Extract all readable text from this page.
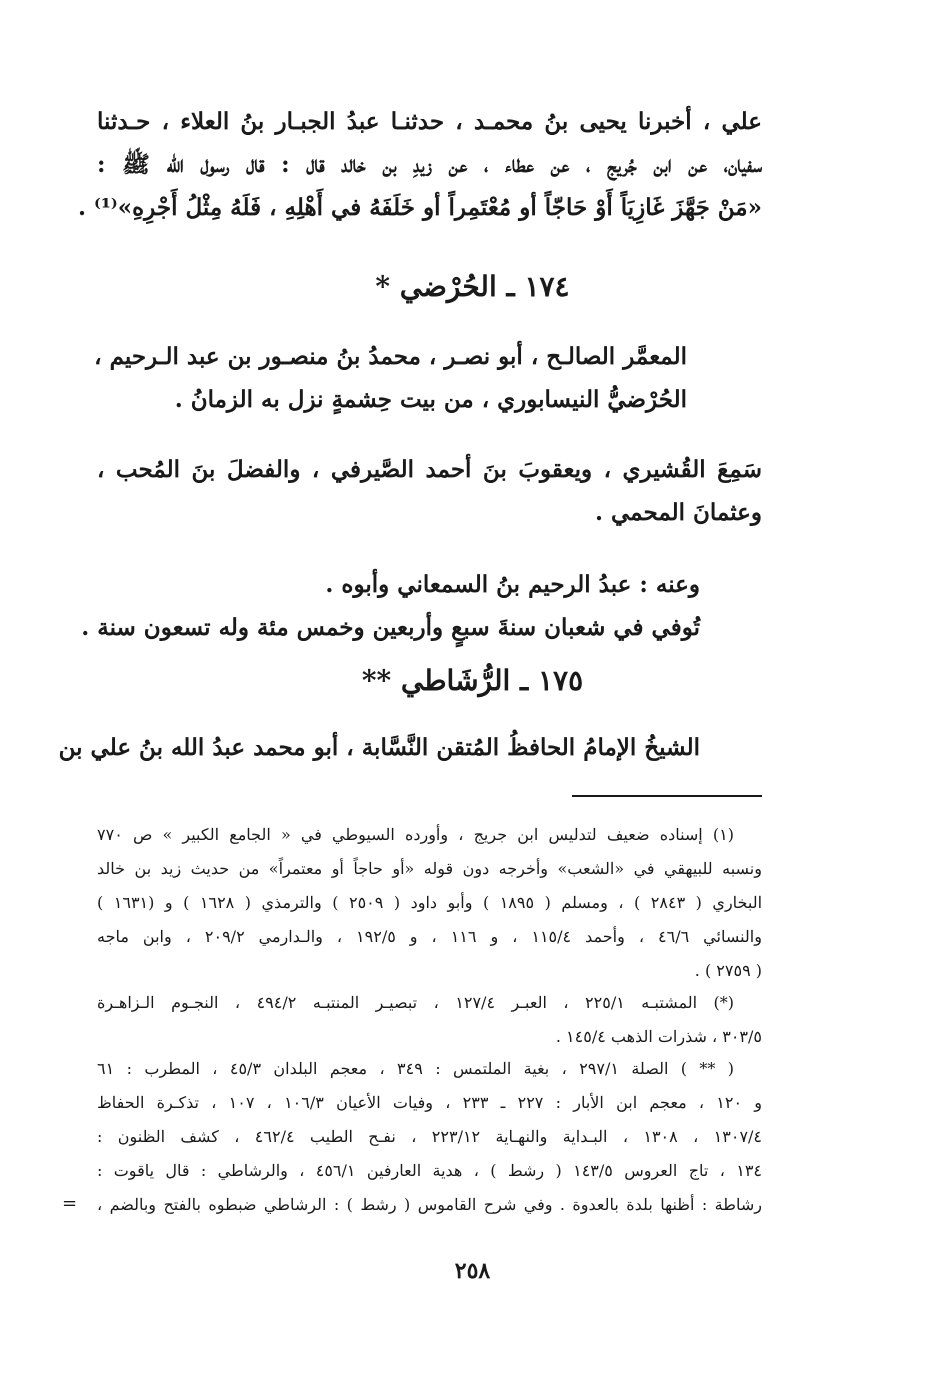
علي ، أخبرنا يحيى بنُ محمـد ، حدثنـا عبدُ الجبـار بنُ العلاء ، حـدثنا
سفيان، عن ابن جُريج ، عن عطاء ، عن زيدِ بن خالد قال : قال رسول الله ﷺ :
«مَنْ جَهَّزَ غَازِيَاً أَوْ حَاجّاً أو مُعْتَمِراً أو خَلَفَهُ في أَهْلِهِ ، فَلَهُ مِثْلُ أَجْرِهِ»⁽¹⁾ .
١٧٤ ـ الحُرْضي *
المعمَّر الصالـح ، أبو نصـر ، محمدُ بنُ منصـور بن عبد الـرحيم ،
الحُرْضيُّ النيسابوري ، من بيت حِشمةٍ نزل به الزمانُ .
سَمِعَ القُشيري ، ويعقوبَ بنَ أحمد الصَّيرفي ، والفضلَ بنَ المُحب ،
وعثمانَ المحمي .
وعنه : عبدُ الرحيم بنُ السمعاني وأبوه .
تُوفي في شعبان سنةَ سبعٍ وأربعين وخمس مئة وله تسعون سنة .
١٧٥ ـ الرُّشَاطي **
الشيخُ الإمامُ الحافظُ المُتقن النَّسَّابة ، أبو محمد عبدُ الله بنُ علي بن
(١) إسناده ضعيف لتدليس ابن جريج ، وأورده السيوطي في « الجامع الكبير » ص ٧٧٠
ونسبه للبيهقي في «الشعب» وأخرجه دون قوله «أو حاجاً أو معتمراً» من حديث زيد بن خالد
البخاري ( ٢٨٤٣ ) ، ومسلم ( ١٨٩٥ ) وأبو داود ( ٢٥٠٩ ) والترمذي ( ١٦٢٨ ) و (١٦٣١ )
والنسائي ٤٦/٦ ، وأحمد ١١٥/٤ ، و ١١٦ ، و ١٩٢/٥ ، والـدارمي ٢٠٩/٢ ، وابن ماجه
( ٢٧٥٩ ) .
(*) المشتبـه ٢٢٥/١ ، العبـر ١٢٧/٤ ، تبصيـر المنتبـه ٤٩٤/٢ ، النجـوم الـزاهـرة
٣٠٣/٥ ، شذرات الذهب ١٤٥/٤ .
( ** ) الصلة ٢٩٧/١ ، بغية الملتمس : ٣٤٩ ، معجم البلدان ٤٥/٣ ، المطرب : ٦١
و ١٢٠ ، معجم ابن الأبار : ٢٢٧ ـ ٢٣٣ ، وفيات الأعيان ١٠٦/٣ ، ١٠٧ ، تذكـرة الحفاظ
١٣٠٧/٤ ، ١٣٠٨ ، البـداية والنهـاية ٢٢٣/١٢ ، نفـح الطيب ٤٦٢/٤ ، كشف الظنون :
١٣٤ ، تاج العروس ١٤٣/٥ ( رشط ) ، هدية العارفين ٤٥٦/١ ، والرشاطي : قال ياقوت :
رشاطة : أظنها بلدة بالعدوة . وفي شرح القاموس ( رشط ) : الرشاطي ضبطوه بالفتح وبالضم ،
=
٢٥٨
